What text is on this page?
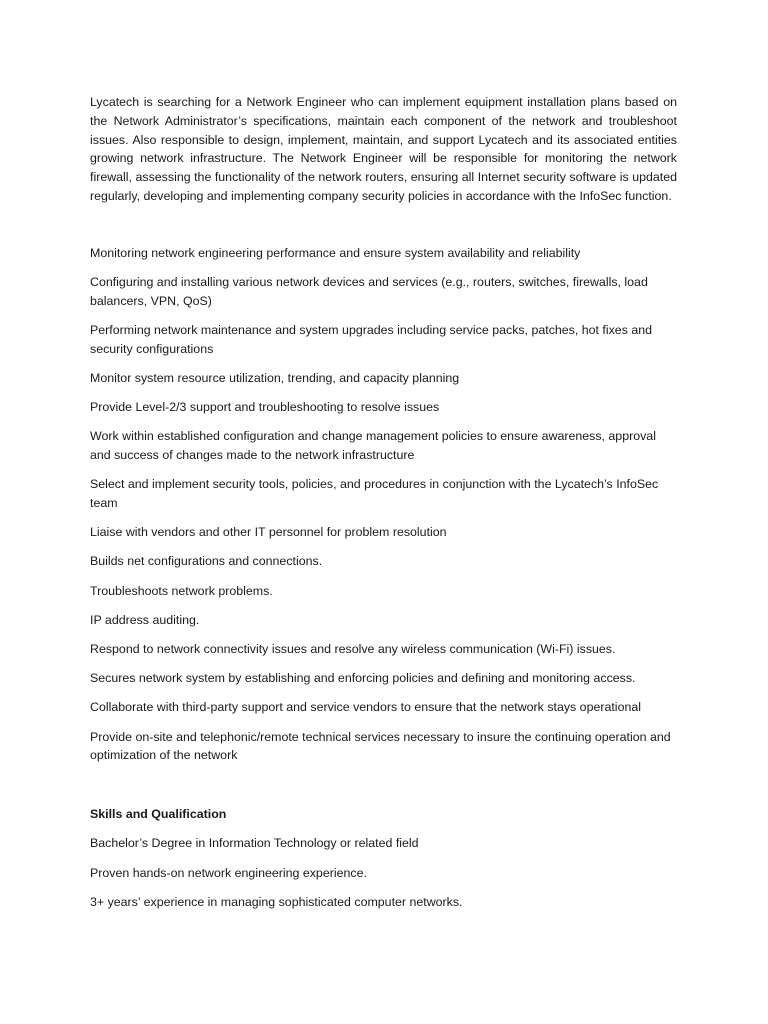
Lycatech is searching for a Network Engineer who can implement equipment installation plans based on the Network Administrator’s specifications, maintain each component of the network and troubleshoot issues. Also responsible to design, implement, maintain, and support Lycatech and its associated entities growing network infrastructure. The Network Engineer will be responsible for monitoring the network firewall, assessing the functionality of the network routers, ensuring all Internet security software is updated regularly, developing and implementing company security policies in accordance with the InfoSec function.

Monitoring network engineering performance and ensure system availability and reliability
Configuring and installing various network devices and services (e.g., routers, switches, firewalls, load balancers, VPN, QoS)
Performing network maintenance and system upgrades including service packs, patches, hot fixes and security configurations
Monitor system resource utilization, trending, and capacity planning
Provide Level-2/3 support and troubleshooting to resolve issues
Work within established configuration and change management policies to ensure awareness, approval and success of changes made to the network infrastructure
Select and implement security tools, policies, and procedures in conjunction with the Lycatech’s InfoSec team
Liaise with vendors and other IT personnel for problem resolution
Builds net configurations and connections.
Troubleshoots network problems.
IP address auditing.
Respond to network connectivity issues and resolve any wireless communication (Wi-Fi) issues.
Secures network system by establishing and enforcing policies and defining and monitoring access.
Collaborate with third-party support and service vendors to ensure that the network stays operational
Provide on-site and telephonic/remote technical services necessary to insure the continuing operation and optimization of the network
Skills and Qualification
Bachelor’s Degree in Information Technology or related field
Proven hands-on network engineering experience.
3+ years’ experience in managing sophisticated computer networks.
